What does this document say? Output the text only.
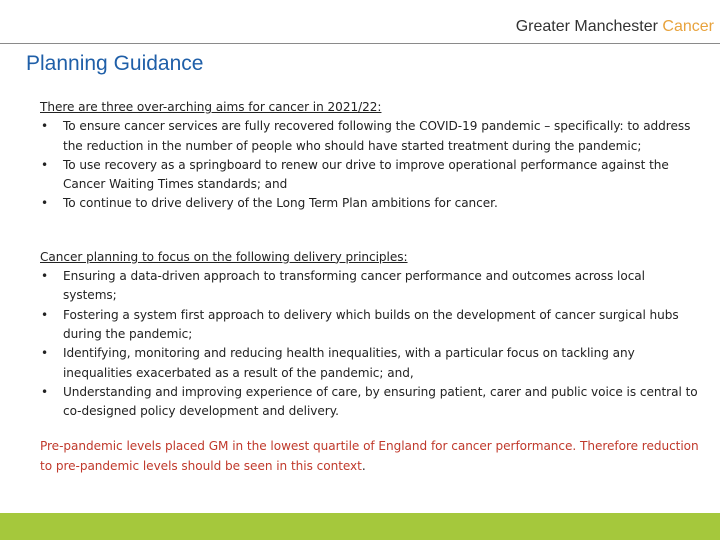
Greater Manchester Cancer
Planning Guidance

There are three over-arching aims for cancer in 2021/22:

• To ensure cancer services are fully recovered following the COVID-19 pandemic – specifically: to address the reduction in the number of people who should have started treatment during the pandemic;
• To use recovery as a springboard to renew our drive to improve operational performance against the Cancer Waiting Times standards; and
• To continue to drive delivery of the Long Term Plan ambitions for cancer.

Cancer planning to focus on the following delivery principles:

• Ensuring a data-driven approach to transforming cancer performance and outcomes across local systems;
• Fostering a system first approach to delivery which builds on the development of cancer surgical hubs during the pandemic;
• Identifying, monitoring and reducing health inequalities, with a particular focus on tackling any inequalities exacerbated as a result of the pandemic; and,
• Understanding and improving experience of care, by ensuring patient, carer and public voice is central to co-designed policy development and delivery.

Pre-pandemic levels placed GM in the lowest quartile of England for cancer performance. Therefore reduction to pre-pandemic levels should be seen in this context.
